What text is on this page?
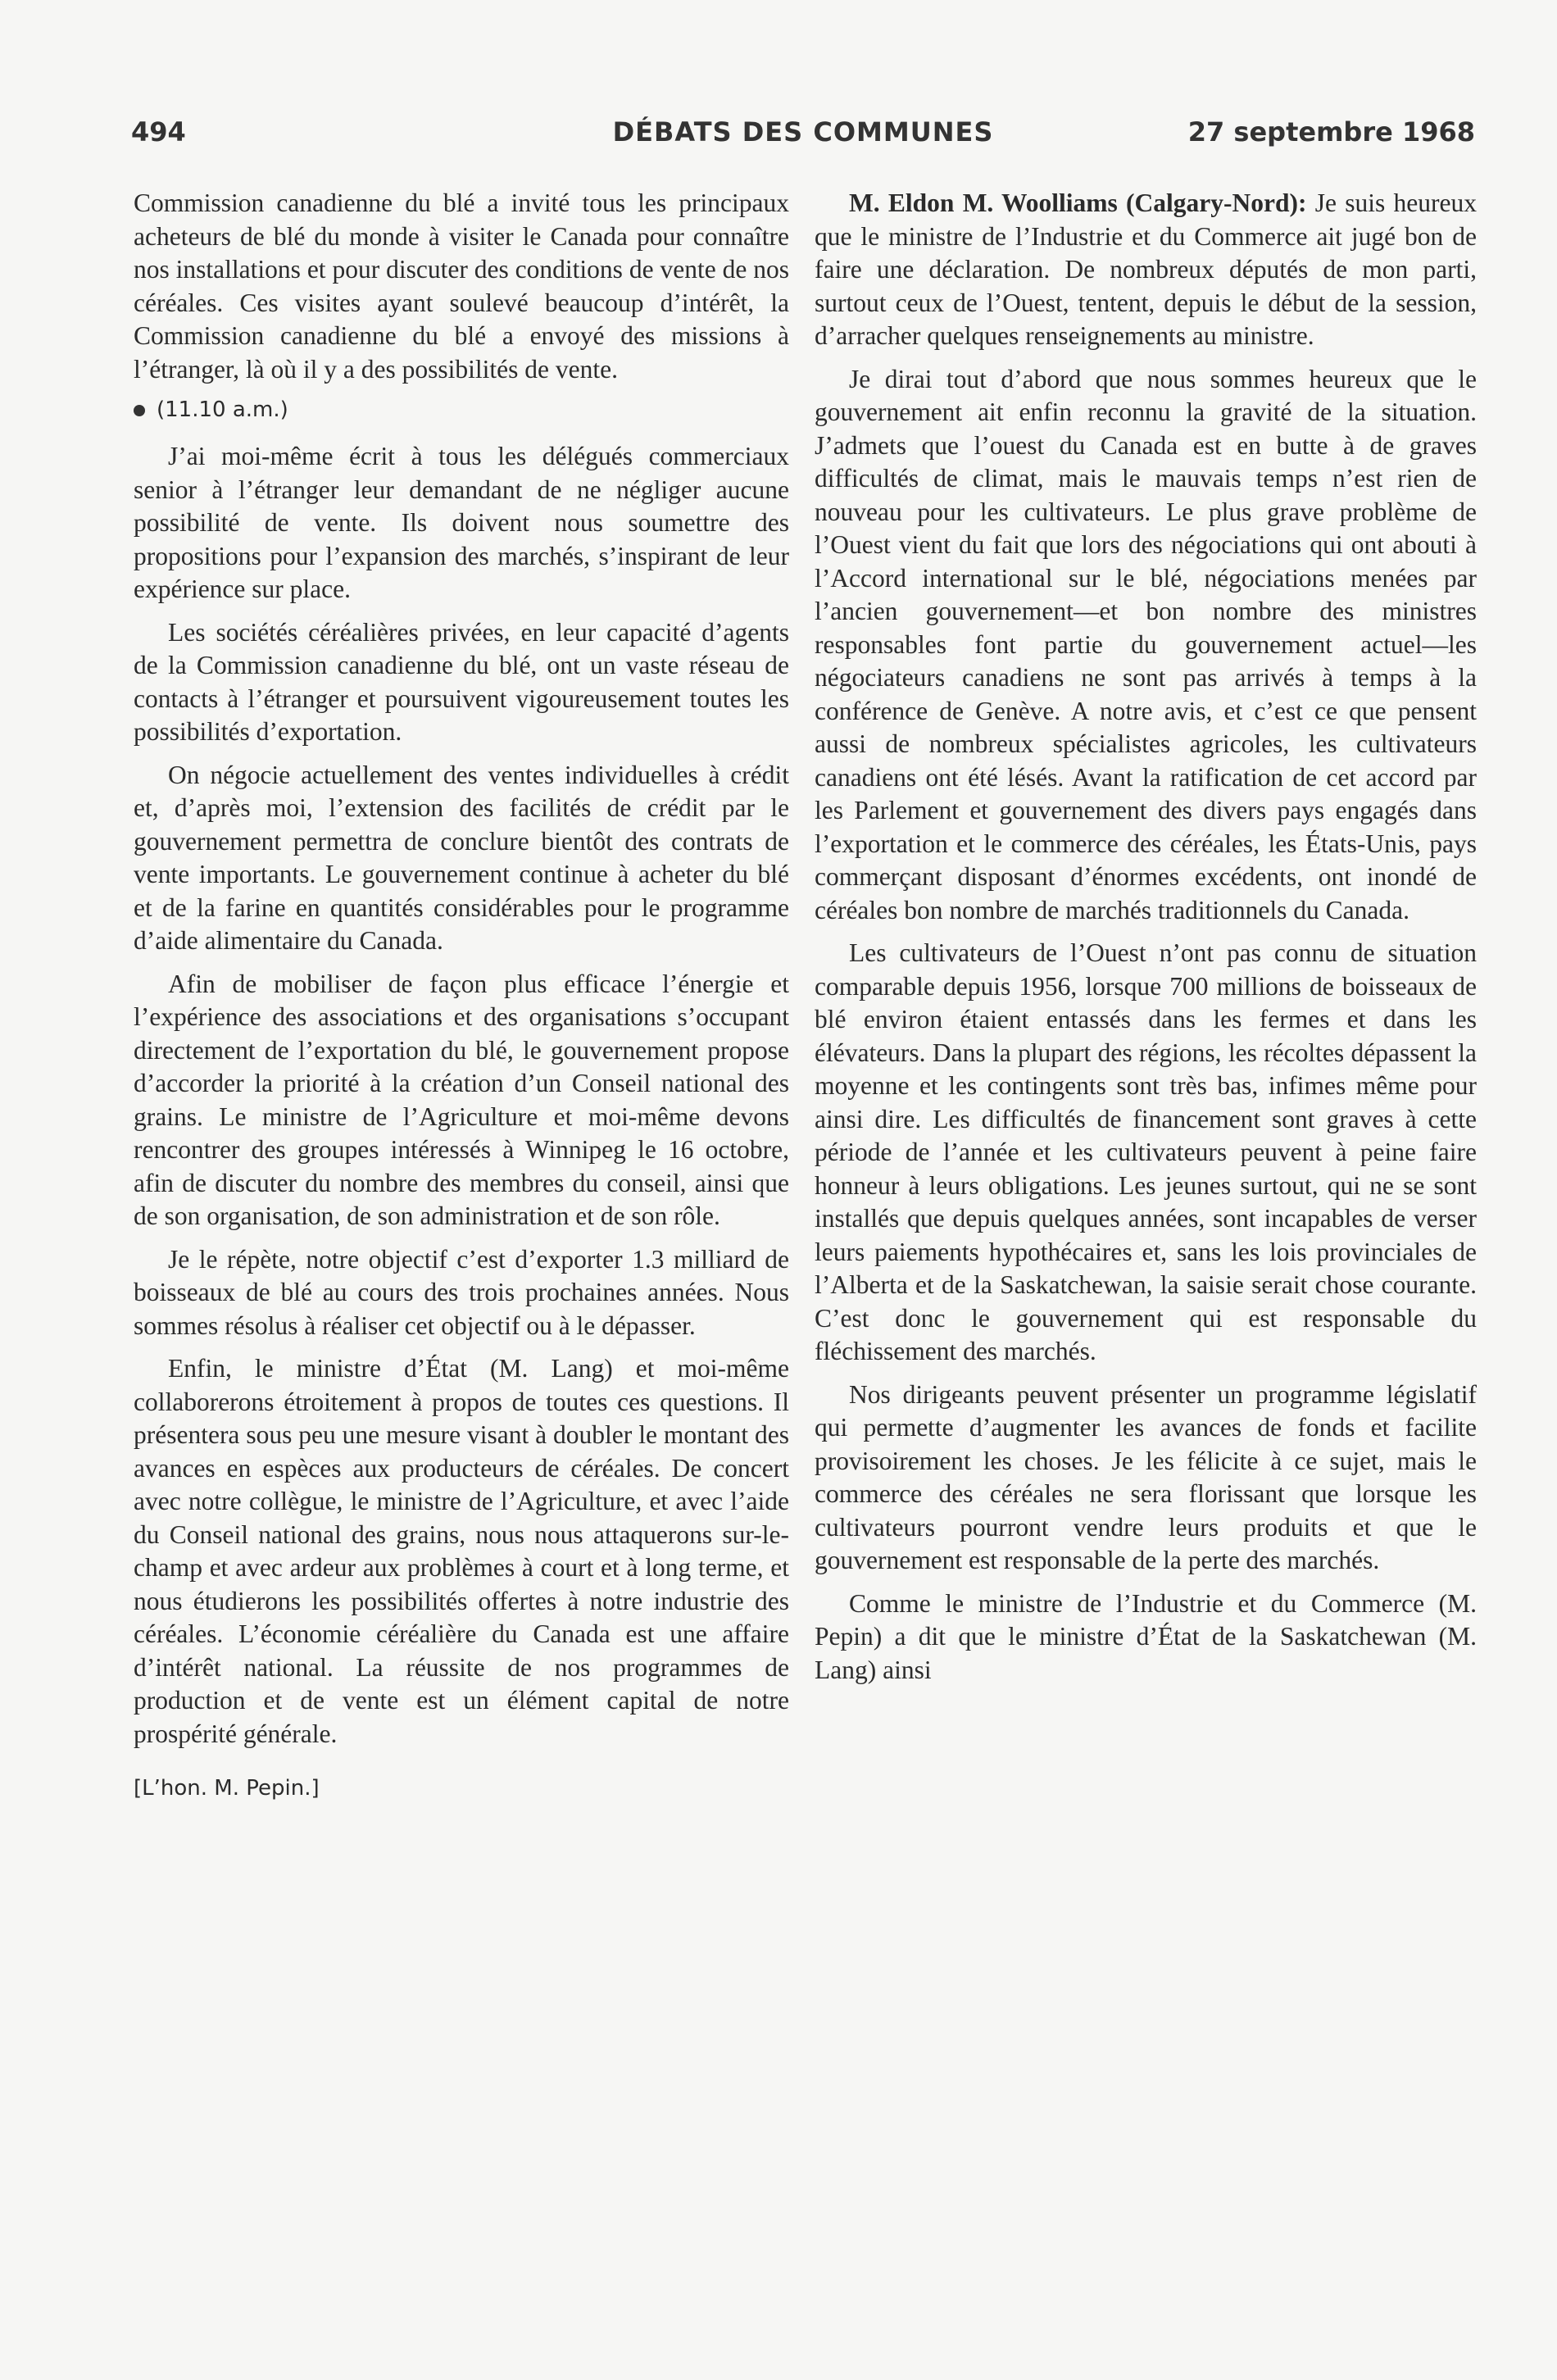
494	DÉBATS DES COMMUNES	27 septembre 1968

Commission canadienne du blé a invité tous les principaux acheteurs de blé du monde à visiter le Canada pour connaître nos installations et pour discuter des conditions de vente de nos céréales. Ces visites ayant soulevé beaucoup d’intérêt, la Commission canadienne du blé a envoyé des missions à l’étranger, là où il y a des possibilités de vente.

(11.10 a.m.)

J’ai moi-même écrit à tous les délégués commerciaux senior à l’étranger leur demandant de ne négliger aucune possibilité de vente. Ils doivent nous soumettre des propositions pour l’expansion des marchés, s’inspirant de leur expérience sur place.

Les sociétés céréalières privées, en leur capacité d’agents de la Commission canadienne du blé, ont un vaste réseau de contacts à l’étranger et poursuivent vigoureusement toutes les possibilités d’exportation.

On négocie actuellement des ventes individuelles à crédit et, d’après moi, l’extension des facilités de crédit par le gouvernement permettra de conclure bientôt des contrats de vente importants. Le gouvernement continue à acheter du blé et de la farine en quantités considérables pour le programme d’aide alimentaire du Canada.

Afin de mobiliser de façon plus efficace l’énergie et l’expérience des associations et des organisations s’occupant directement de l’exportation du blé, le gouvernement propose d’accorder la priorité à la création d’un Conseil national des grains. Le ministre de l’Agriculture et moi-même devons rencontrer des groupes intéressés à Winnipeg le 16 octobre, afin de discuter du nombre des membres du conseil, ainsi que de son organisation, de son administration et de son rôle.

Je le répète, notre objectif c’est d’exporter 1.3 milliard de boisseaux de blé au cours des trois prochaines années. Nous sommes résolus à réaliser cet objectif ou à le dépasser.

Enfin, le ministre d’État (M. Lang) et moi-même collaborerons étroitement à propos de toutes ces questions. Il présentera sous peu une mesure visant à doubler le montant des avances en espèces aux producteurs de céréales. De concert avec notre collègue, le ministre de l’Agriculture, et avec l’aide du Conseil national des grains, nous nous attaquerons sur-le-champ et avec ardeur aux problèmes à court et à long terme, et nous étudierons les possibilités offertes à notre industrie des céréales. L’économie céréalière du Canada est une affaire d’intérêt national. La réussite de nos programmes de production et de vente est un élément capital de notre prospérité générale.

[L’hon. M. Pepin.]

M. Eldon M. Woolliams (Calgary-Nord): Je suis heureux que le ministre de l’Industrie et du Commerce ait jugé bon de faire une déclaration. De nombreux députés de mon parti, surtout ceux de l’Ouest, tentent, depuis le début de la session, d’arracher quelques renseignements au ministre.

Je dirai tout d’abord que nous sommes heureux que le gouvernement ait enfin reconnu la gravité de la situation. J’admets que l’ouest du Canada est en butte à de graves difficultés de climat, mais le mauvais temps n’est rien de nouveau pour les cultivateurs. Le plus grave problème de l’Ouest vient du fait que lors des négociations qui ont abouti à l’Accord international sur le blé, négociations menées par l’ancien gouvernement—et bon nombre des ministres responsables font partie du gouvernement actuel—les négociateurs canadiens ne sont pas arrivés à temps à la conférence de Genève. A notre avis, et c’est ce que pensent aussi de nombreux spécialistes agricoles, les cultivateurs canadiens ont été lésés. Avant la ratification de cet accord par les Parlement et gouvernement des divers pays engagés dans l’exportation et le commerce des céréales, les États-Unis, pays commerçant disposant d’énormes excédents, ont inondé de céréales bon nombre de marchés traditionnels du Canada.

Les cultivateurs de l’Ouest n’ont pas connu de situation comparable depuis 1956, lorsque 700 millions de boisseaux de blé environ étaient entassés dans les fermes et dans les élévateurs. Dans la plupart des régions, les récoltes dépassent la moyenne et les contingents sont très bas, infimes même pour ainsi dire. Les difficultés de financement sont graves à cette période de l’année et les cultivateurs peuvent à peine faire honneur à leurs obligations. Les jeunes surtout, qui ne se sont installés que depuis quelques années, sont incapables de verser leurs paiements hypothécaires et, sans les lois provinciales de l’Alberta et de la Saskatchewan, la saisie serait chose courante. C’est donc le gouvernement qui est responsable du fléchissement des marchés.

Nos dirigeants peuvent présenter un programme législatif qui permette d’augmenter les avances de fonds et facilite provisoirement les choses. Je les félicite à ce sujet, mais le commerce des céréales ne sera florissant que lorsque les cultivateurs pourront vendre leurs produits et que le gouvernement est responsable de la perte des marchés.

Comme le ministre de l’Industrie et du Commerce (M. Pepin) a dit que le ministre d’État de la Saskatchewan (M. Lang) ainsi
